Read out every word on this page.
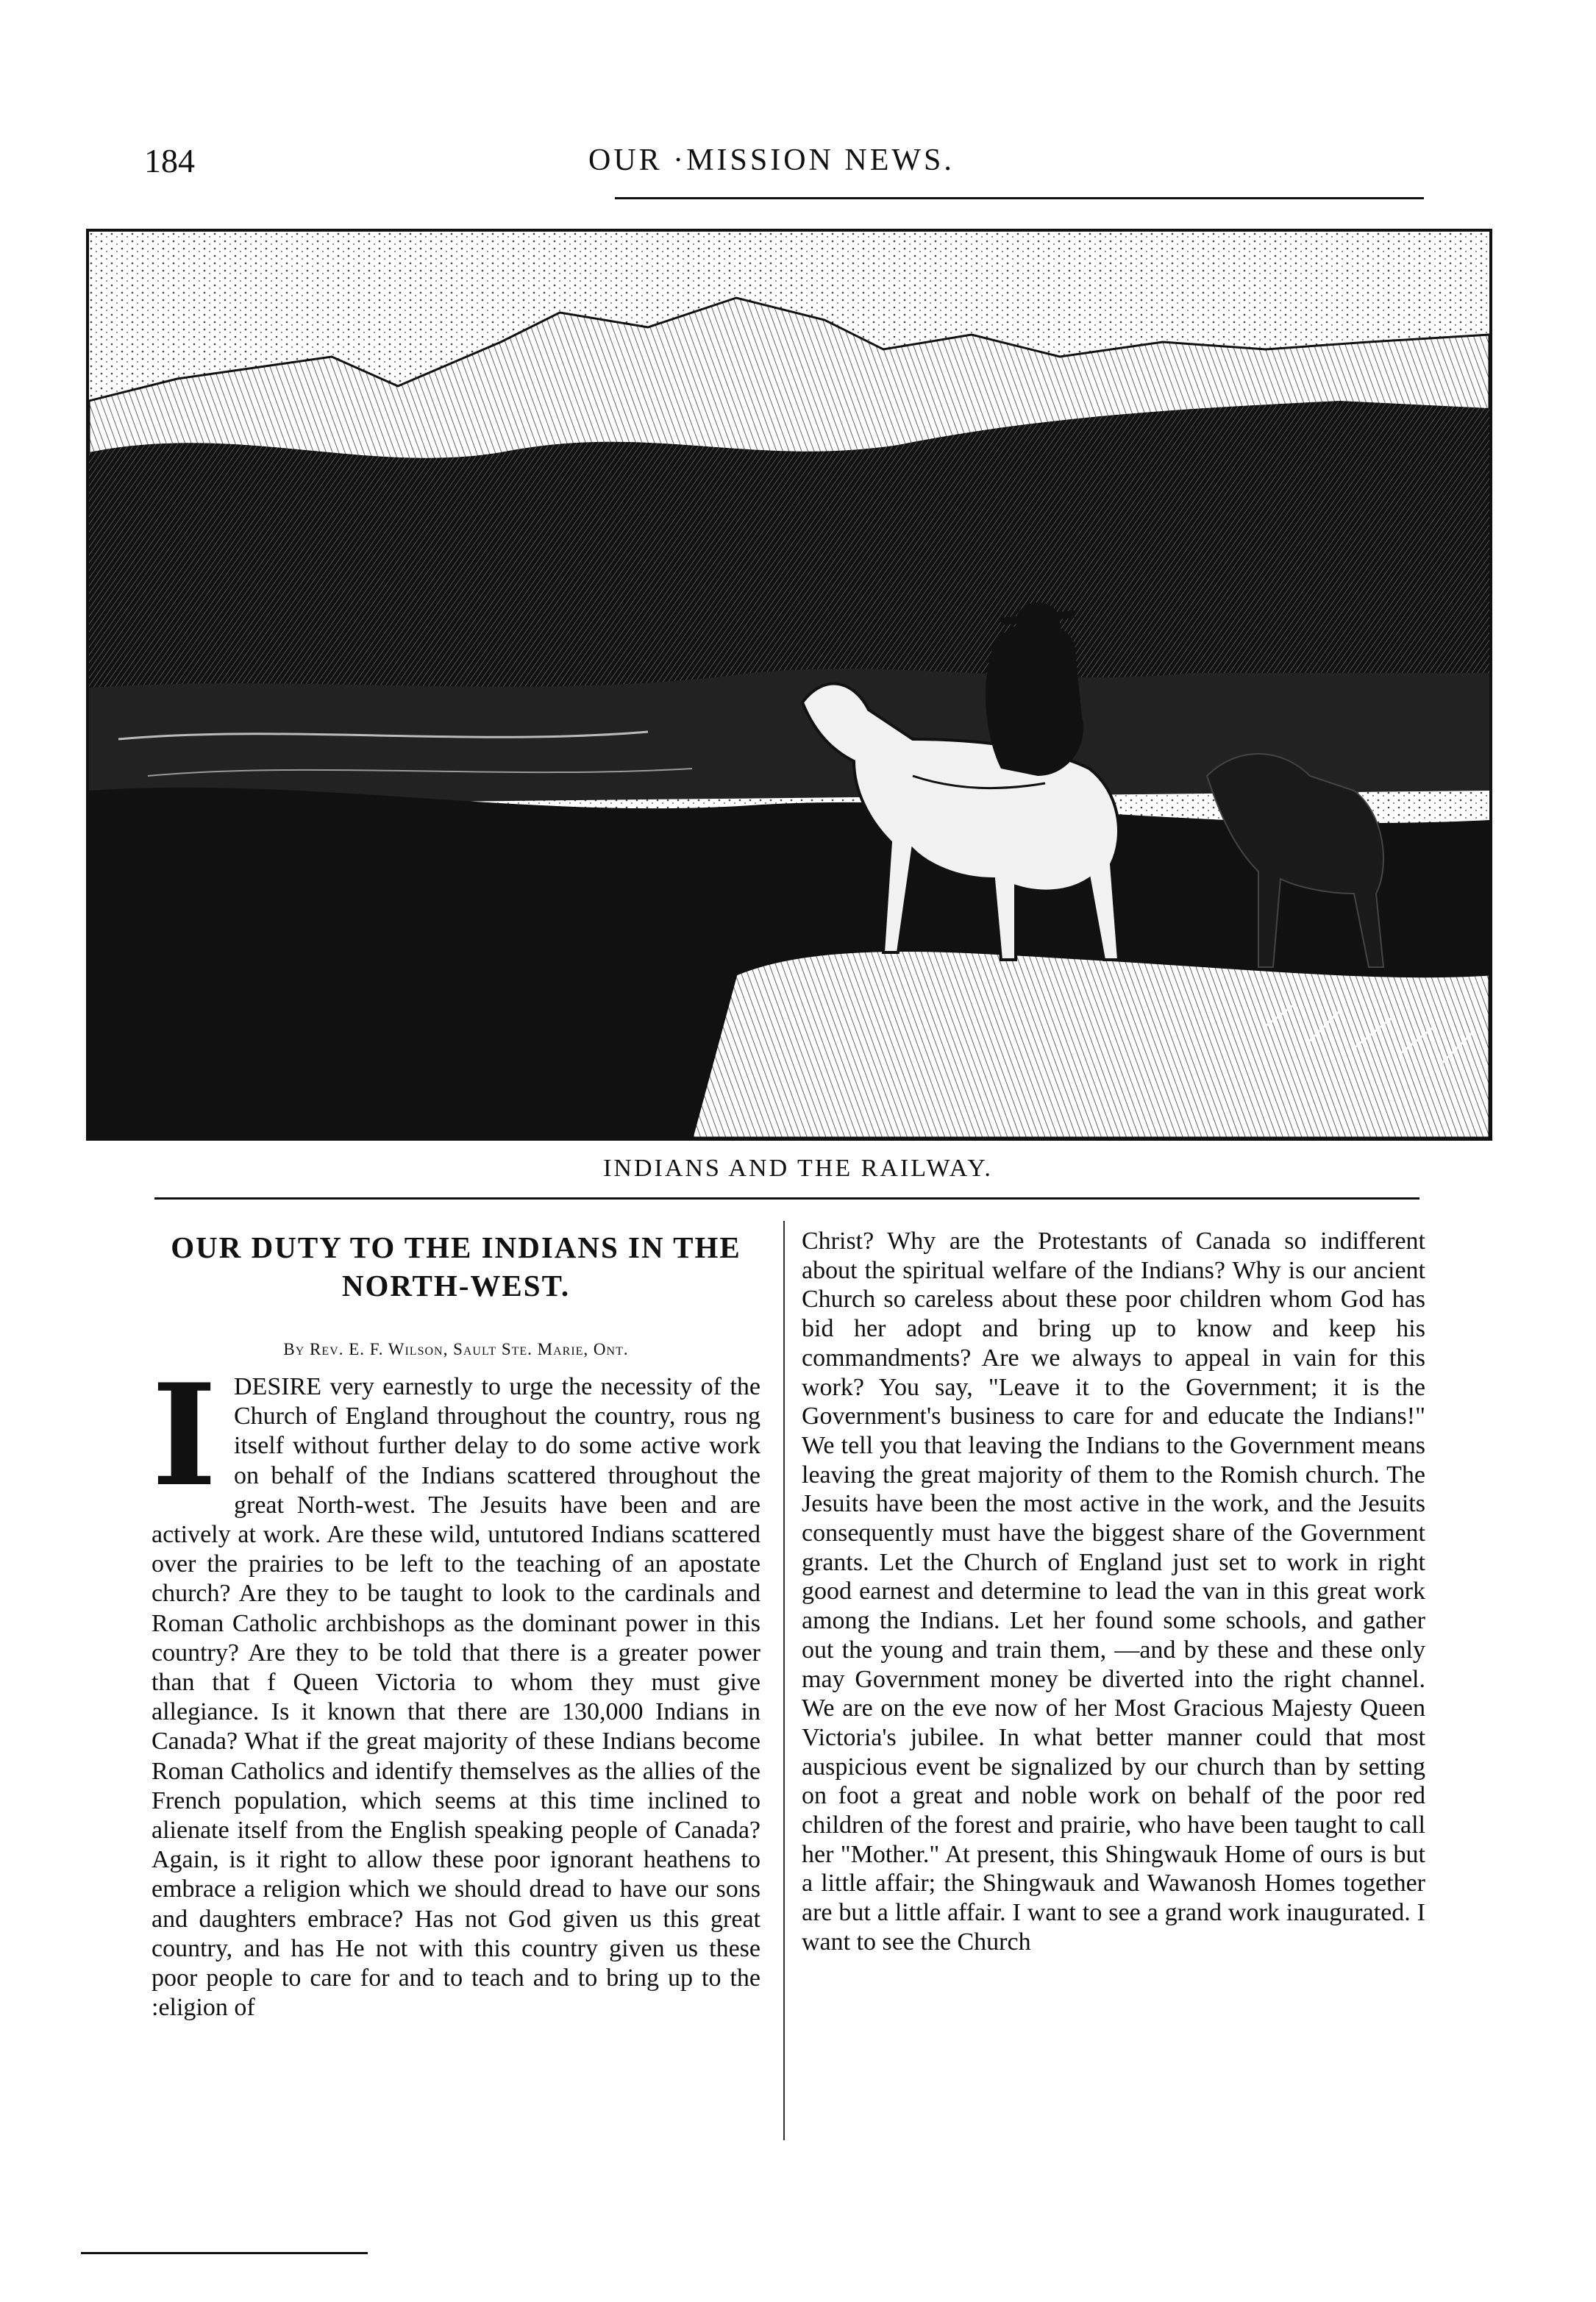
184	OUR ·MISSION NEWS.
INDIANS AND THE RAILWAY.
OUR DUTY TO THE INDIANS IN THE NORTH-WEST.
By Rev. E. F. Wilson, Sault Ste. Marie, Ont.

I DESIRE very earnestly to urge the necessity of the Church of England throughout the country, rous ng itself without further delay to do some active work on behalf of the Indians scattered throughout the great North-west. The Jesuits have been and are actively at work. Are these wild, untutored Indians scattered over the prairies to be left to the teaching of an apostate church? Are they to be taught to look to the cardinals and Roman Catholic archbishops as the dominant power in this country? Are they to be told that there is a greater power than that f Queen Victoria to whom they must give allegiance. Is it known that there are 130,000 Indians in Canada? What if the great majority of these Indians become Roman Catholics and identify themselves as the allies of the French population, which seems at this time inclined to alienate itself from the English speaking people of Canada? Again, is it right to allow these poor ignorant heathens to embrace a religion which we should dread to have our sons and daughters embrace? Has not God given us this great country, and has He not with this country given us these poor people to care for and to teach and to bring up to the :eligion of

Christ? Why are the Protestants of Canada so indifferent about the spiritual welfare of the Indians? Why is our ancient Church so careless about these poor children whom God has bid her adopt and bring up to know and keep his commandments? Are we always to appeal in vain for this work? You say, "Leave it to the Government; it is the Government's business to care for and educate the Indians!" We tell you that leaving the Indians to the Government means leaving the great majority of them to the Romish church. The Jesuits have been the most active in the work, and the Jesuits consequently must have the biggest share of the Government grants. Let the Church of England just set to work in right good earnest and determine to lead the van in this great work among the Indians. Let her found some schools, and gather out the young and train them, —and by these and these only may Government money be diverted into the right channel. We are on the eve now of her Most Gracious Majesty Queen Victoria's jubilee. In what better manner could that most auspicious event be signalized by our church than by setting on foot a great and noble work on behalf of the poor red children of the forest and prairie, who have been taught to call her "Mother." At present, this Shingwauk Home of ours is but a little affair; the Shingwauk and Wawanosh Homes together are but a little affair. I want to see a grand work inaugurated. I want to see the Church
